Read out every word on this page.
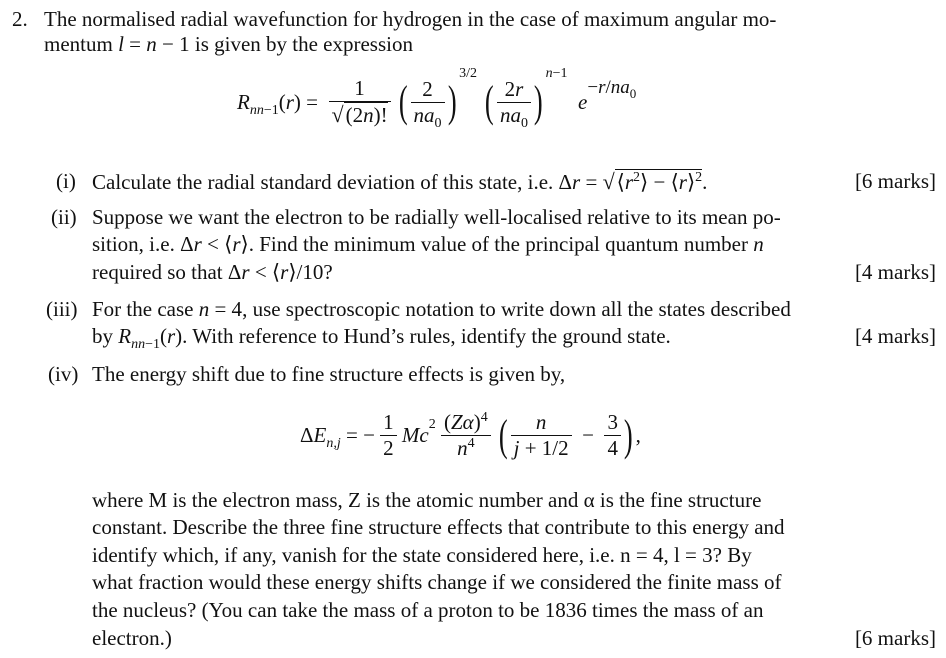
2. The normalised radial wavefunction for hydrogen in the case of maximum angular mo-
mentum l = n − 1 is given by the expression
$R_{nn-1}(r) = \frac{1}{√(2n)!}$ ( $\frac{2}{na_0} )^{3/2}$ ( $\frac{2r}{na_0} )^{n-1}$  $e^{-r/na_0}$
(i) Calculate the radial standard deviation of this state, i.e. $\Delta r = √⟨r^2⟩$ − ⟨r⟩$^2$.	[6 marks]
(ii) Suppose we want the electron to be radially well-localised relative to its mean po-
sition, i.e. Δr < ⟨r⟩. Find the minimum value of the principal quantum number n
required so that Δr < ⟨r⟩/10?	[4 marks]
(iii) For the case n = 4, use spectroscopic notation to write down all the states described
by $R_{nn-1}(r)$. With reference to Hund’s rules, identify the ground state.	[4 marks]
(iv) The energy shift due to fine structure effects is given by,
$\Delta E_{n,j}$ = − $\frac{1}{2} Mc^2 \frac{(Z\alpha)^4}{n^4}$ ( $\frac{n}{j + 1/2} - \frac{3}{4}$ ) ,
where M is the electron mass, Z is the atomic number and α is the fine structure
constant. Describe the three fine structure effects that contribute to this energy and
identify which, if any, vanish for the state considered here, i.e. n = 4, l = 3? By
what fraction would these energy shifts change if we considered the finite mass of
the nucleus? (You can take the mass of a proton to be 1836 times the mass of an
electron.)	[6 marks]
